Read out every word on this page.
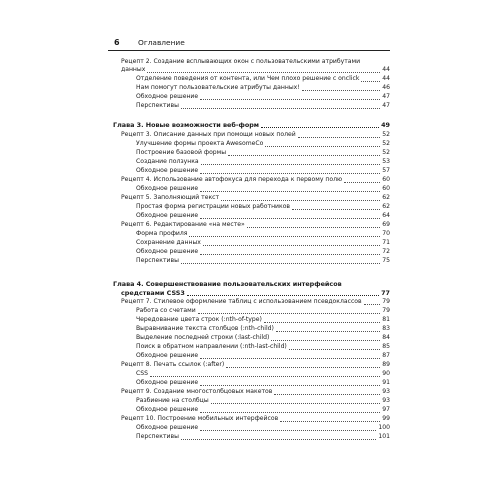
6 Оглавление
Рецепт 2. Создание всплывающих окон с пользовательскими атрибутами
данных	44
Отделение поведения от контента, или Чем плохо решение с onclick	44
Нам помогут пользовательские атрибуты данных!	46
Обходное решение	47
Перспективы	47
Глава 3. Новые возможности веб-форм	49
Рецепт 3. Описание данных при помощи новых полей	52
Улучшение формы проекта AwesomeCo	52
Построение базовой формы	52
Создание ползунка	53
Обходное решение	57
Рецепт 4. Использование автофокуса для перехода к первому полю	60
Обходное решение	60
Рецепт 5. Заполняющий текст	62
Простая форма регистрации новых работников	62
Обходное решение	64
Рецепт 6. Редактирование «на месте»	69
Форма профиля	70
Сохранение данных	71
Обходное решение	72
Перспективы	75
Глава 4. Совершенствование пользовательских интерфейсов
средствами CSS3	77
Рецепт 7. Стилевое оформление таблиц с использованием псевдоклассов	79
Работа со счетами	79
Чередование цвета строк (:nth-of-type)	81
Выравнивание текста столбцов (:nth-child)	83
Выделение последней строки (:last-child)	84
Поиск в обратном направлении (:nth-last-child)	85
Обходное решение	87
Рецепт 8. Печать ссылок (:after)	89
CSS	90
Обходное решение	91
Рецепт 9. Создание многостолбцовых макетов	93
Разбиение на столбцы	93
Обходное решение	97
Рецепт 10. Построение мобильных интерфейсов	99
Обходное решение	100
Перспективы	101
